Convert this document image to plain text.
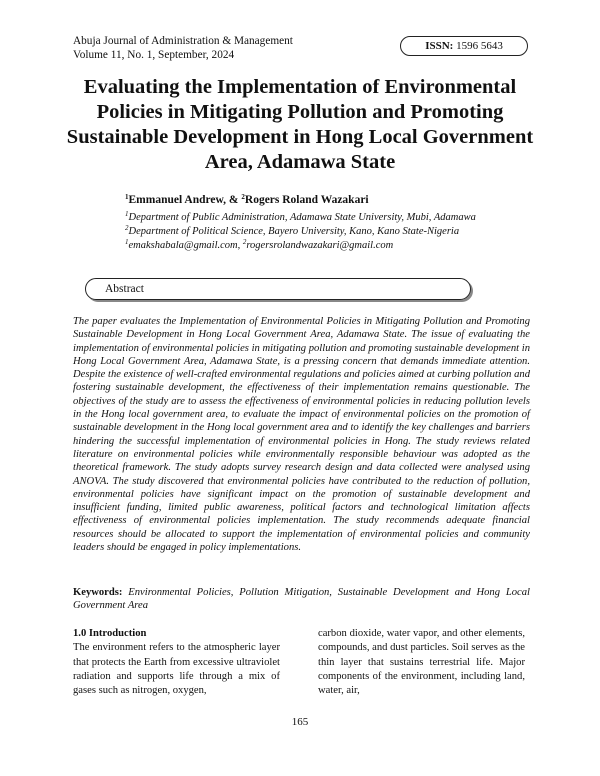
Abuja Journal of Administration & Management
Volume 11, No. 1, September, 2024
ISSN: 1596 5643
Evaluating the Implementation of Environmental Policies in Mitigating Pollution and Promoting Sustainable Development in Hong Local Government Area, Adamawa State
$^1$Emmanuel Andrew, & $^2$Rogers Roland Wazakari
$^1$Department of Public Administration, Adamawa State University, Mubi, Adamawa
$^2$Department of Political Science, Bayero University, Kano, Kano State-Nigeria
$^1$emakshabala@gmail.com, $^2$rogersrolandwazakari@gmail.com
Abstract

The paper evaluates the Implementation of Environmental Policies in Mitigating Pollution and Promoting Sustainable Development in Hong Local Government Area, Adamawa State. The issue of evaluating the implementation of environmental policies in mitigating pollution and promoting sustainable development in Hong Local Government Area, Adamawa State, is a pressing concern that demands immediate attention. Despite the existence of well-crafted environmental regulations and policies aimed at curbing pollution and fostering sustainable development, the effectiveness of their implementation remains questionable. The objectives of the study are to assess the effectiveness of environmental policies in reducing pollution levels in the Hong local government area, to evaluate the impact of environmental policies on the promotion of sustainable development in the Hong local government area and to identify the key challenges and barriers hindering the successful implementation of environmental policies in Hong. The study reviews related literature on environmental policies while environmentally responsible behaviour was adopted as the theoretical framework. The study adopts survey research design and data collected were analysed using ANOVA. The study discovered that environmental policies have contributed to the reduction of pollution, environmental policies have significant impact on the promotion of sustainable development and insufficient funding, limited public awareness, political factors and technological limitation affects effectiveness of environmental policies implementation. The study recommends adequate financial resources should be allocated to support the implementation of environmental policies and community leaders should be engaged in policy implementations.

Keywords: Environmental Policies, Pollution Mitigation, Sustainable Development and Hong Local Government Area

1.0 Introduction

The environment refers to the atmospheric layer that protects the Earth from excessive ultraviolet radiation and supports life through a mix of gases such as nitrogen, oxygen,

carbon dioxide, water vapor, and other elements, compounds, and dust particles. Soil serves as the thin layer that sustains terrestrial life. Major components of the environment, including land, water, air,

165
